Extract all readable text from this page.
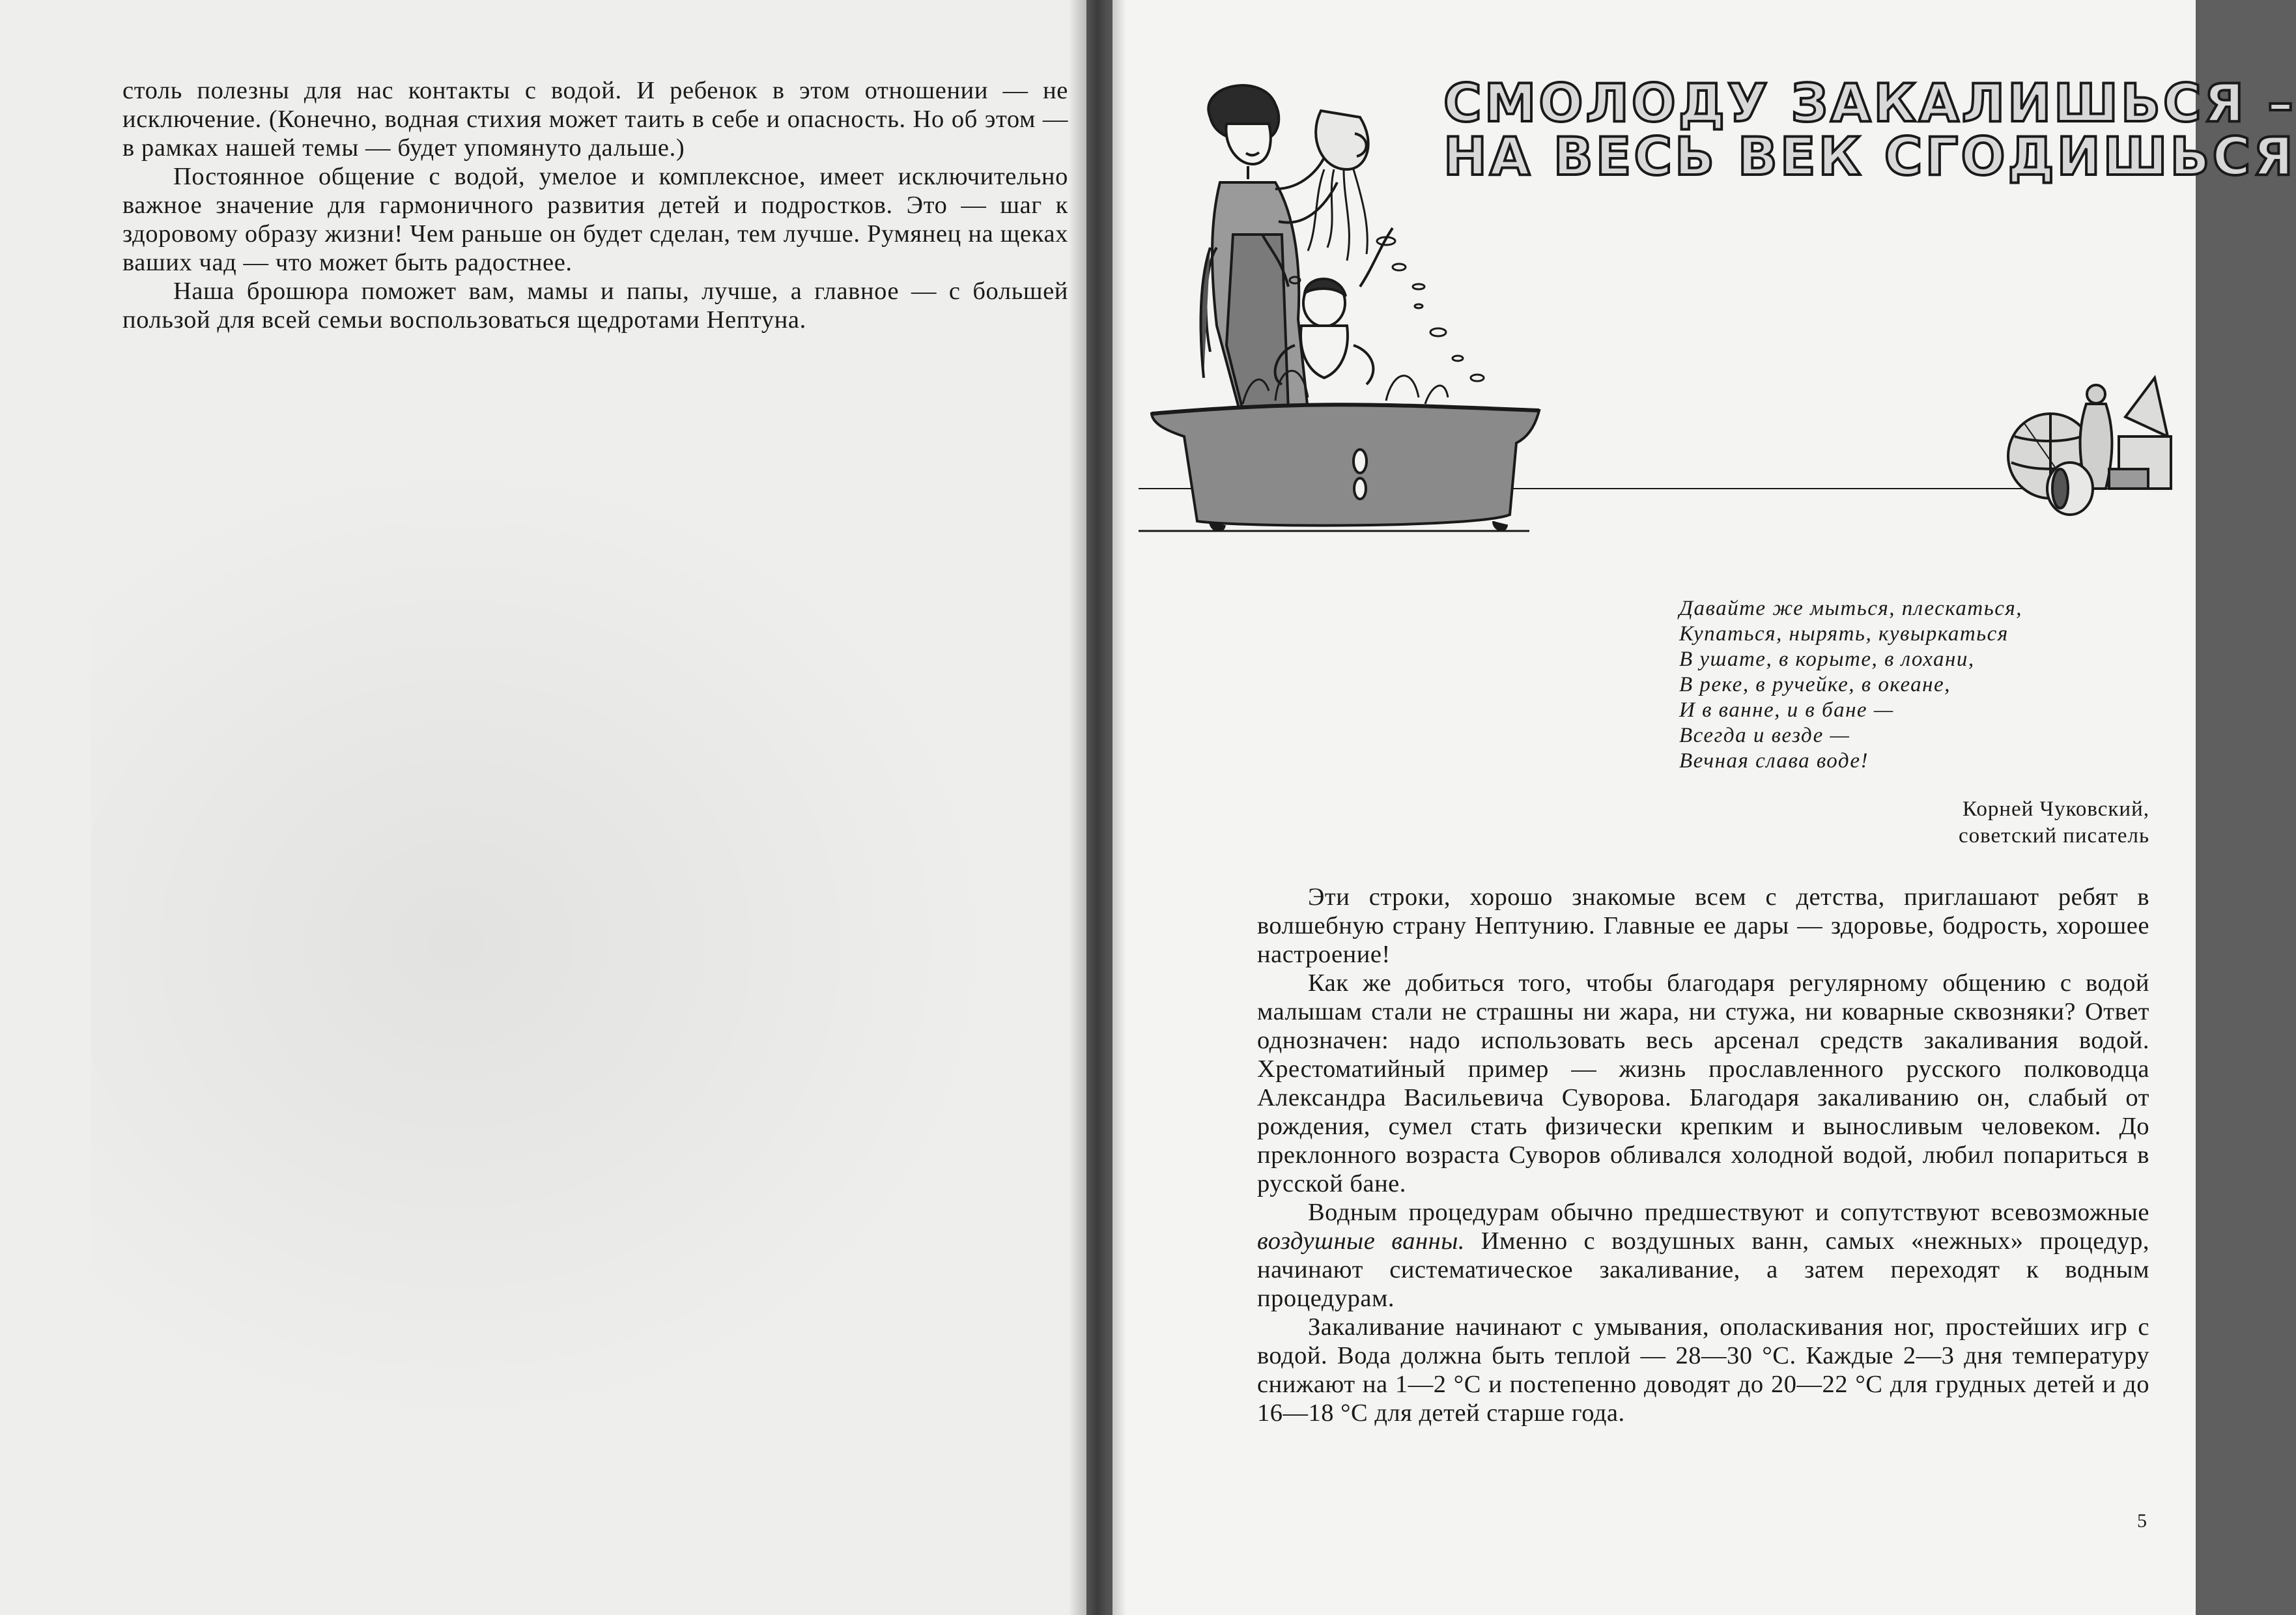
столь полезны для нас контакты с водой. И ребенок в этом отношении — не исключение. (Конечно, водная стихия может таить в себе и опасность. Но об этом — в рамках нашей темы — будет упомянуто дальше.)

Постоянное общение с водой, умелое и комплексное, имеет исключительно важное значение для гармоничного развития детей и подростков. Это — шаг к здоровому образу жизни! Чем раньше он будет сделан, тем лучше. Румянец на щеках ваших чад — что может быть радостнее.

Наша брошюра поможет вам, мамы и папы, лучше, а главное — с большей пользой для всей семьи воспользоваться щедротами Нептуна.

СМОЛОДУ ЗАКАЛИШЬСЯ –
НА ВЕСЬ ВЕК СГОДИШЬСЯ
Давайте же мыться, плескаться,
Купаться, нырять, кувыркаться
В ушате, в корыте, в лохани,
В реке, в ручейке, в океане,
И в ванне, и в бане —
Всегда и везде —
Вечная слава воде!
Корней Чуковский,
советский писатель

Эти строки, хорошо знакомые всем с детства, приглашают ребят в волшебную страну Нептунию. Главные ее дары — здоровье, бодрость, хорошее настроение!

Как же добиться того, чтобы благодаря регулярному общению с водой малышам стали не страшны ни жара, ни стужа, ни коварные сквозняки? Ответ однозначен: надо использовать весь арсенал средств закаливания водой. Хрестоматийный пример — жизнь прославленного русского полководца Александра Васильевича Суворова. Благодаря закаливанию он, слабый от рождения, сумел стать физически крепким и выносливым человеком. До преклонного возраста Суворов обливался холодной водой, любил попариться в русской бане.

Водным процедурам обычно предшествуют и сопутствуют всевозможные воздушные ванны. Именно с воздушных ванн, самых «нежных» процедур, начинают систематическое закаливание, а затем переходят к водным процедурам.

Закаливание начинают с умывания, ополаскивания ног, простейших игр с водой. Вода должна быть теплой — 28—30 °С. Каждые 2—3 дня температуру снижают на 1—2 °С и постепенно доводят до 20—22 °С для грудных детей и до 16—18 °С для детей старше года.

5
